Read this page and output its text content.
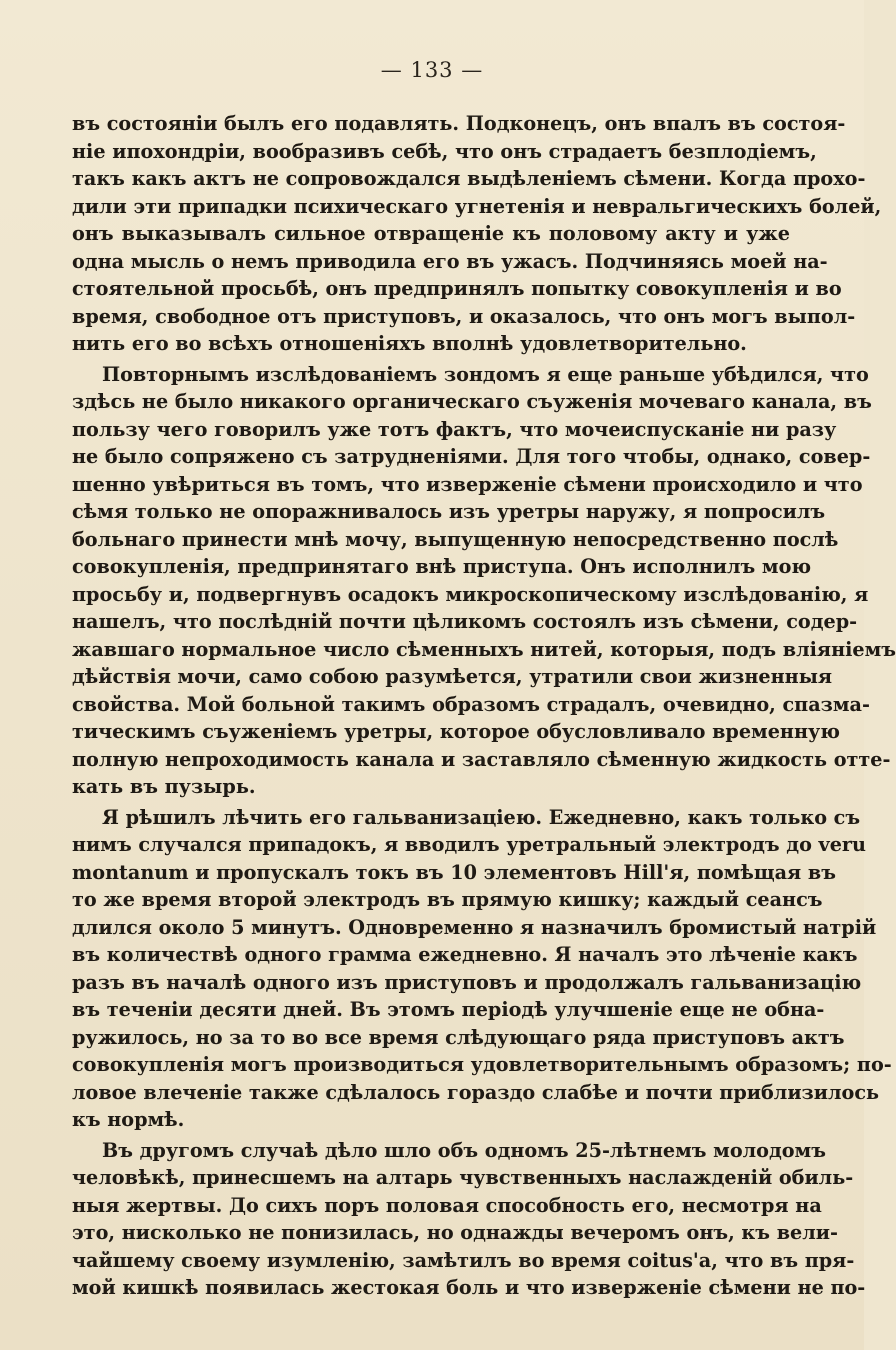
— 133 —
въ состояніи былъ его подавлять. Подконецъ, онъ впалъ въ состоя-
ніе ипохондріи, вообразивъ себѣ, что онъ страдаетъ безплодіемъ,
такъ какъ актъ не сопровождался выдѣленіемъ сѣмени. Когда прохо-
дили эти припадки психическаго угнетенія и невральгическихъ болей,
онъ выказывалъ сильное отвращеніе къ половому акту и уже
одна мысль о немъ приводила его въ ужасъ. Подчиняясь моей на-
стоятельной просьбѣ, онъ предпринялъ попытку совокупленія и во
время, свободное отъ приступовъ, и оказалось, что онъ могъ выпол-
нить его во всѣхъ отношеніяхъ вполнѣ удовлетворительно.
Повторнымъ изслѣдованіемъ зондомъ я еще раньше убѣдился, что
здѣсь не было никакого органическаго съуженія мочеваго канала, въ
пользу чего говорилъ уже тотъ фактъ, что мочеиспусканіе ни разу
не было сопряжено съ затрудненіями. Для того чтобы, однако, совер-
шенно увѣриться въ томъ, что изверженіе сѣмени происходило и что
сѣмя только не опоражнивалось изъ уретры наружу, я попросилъ
больнаго принести мнѣ мочу, выпущенную непосредственно послѣ
совокупленія, предпринятаго внѣ приступа. Онъ исполнилъ мою
просьбу и, подвергнувъ осадокъ микроскопическому изслѣдованію, я
нашелъ, что послѣдній почти цѣликомъ состоялъ изъ сѣмени, содер-
жавшаго нормальное число сѣменныхъ нитей, которыя, подъ вліяніемъ
дѣйствія мочи, само собою разумѣется, утратили свои жизненныя
свойства. Мой больной такимъ образомъ страдалъ, очевидно, спазма-
тическимъ съуженіемъ уретры, которое обусловливало временную
полную непроходимость канала и заставляло сѣменную жидкость отте-
кать въ пузырь.
Я рѣшилъ лѣчить его гальванизаціею. Ежедневно, какъ только съ
нимъ случался припадокъ, я вводилъ уретральный электродъ до veru
montanum и пропускалъ токъ въ 10 элементовъ Hill'я, помѣщая въ
то же время второй электродъ въ прямую кишку; каждый сеансъ
длился около 5 минутъ. Одновременно я назначилъ бромистый натрій
въ количествѣ одного грамма ежедневно. Я началъ это лѣченіе какъ
разъ въ началѣ одного изъ приступовъ и продолжалъ гальванизацію
въ теченіи десяти дней. Въ этомъ періодѣ улучшеніе еще не обна-
ружилось, но за то во все время слѣдующаго ряда приступовъ актъ
совокупленія могъ производиться удовлетворительнымъ образомъ; по-
ловое влеченіе также сдѣлалось гораздо слабѣе и почти приблизилось
къ нормѣ.
Въ другомъ случаѣ дѣло шло объ одномъ 25-лѣтнемъ молодомъ
человѣкѣ, принесшемъ на алтарь чувственныхъ наслажденій обиль-
ныя жертвы. До сихъ поръ половая способность его, несмотря на
это, нисколько не понизилась, но однажды вечеромъ онъ, къ вели-
чайшему своему изумленію, замѣтилъ во время coitus'а, что въ пря-
мой кишкѣ появилась жестокая боль и что изверженіе сѣмени не по-
